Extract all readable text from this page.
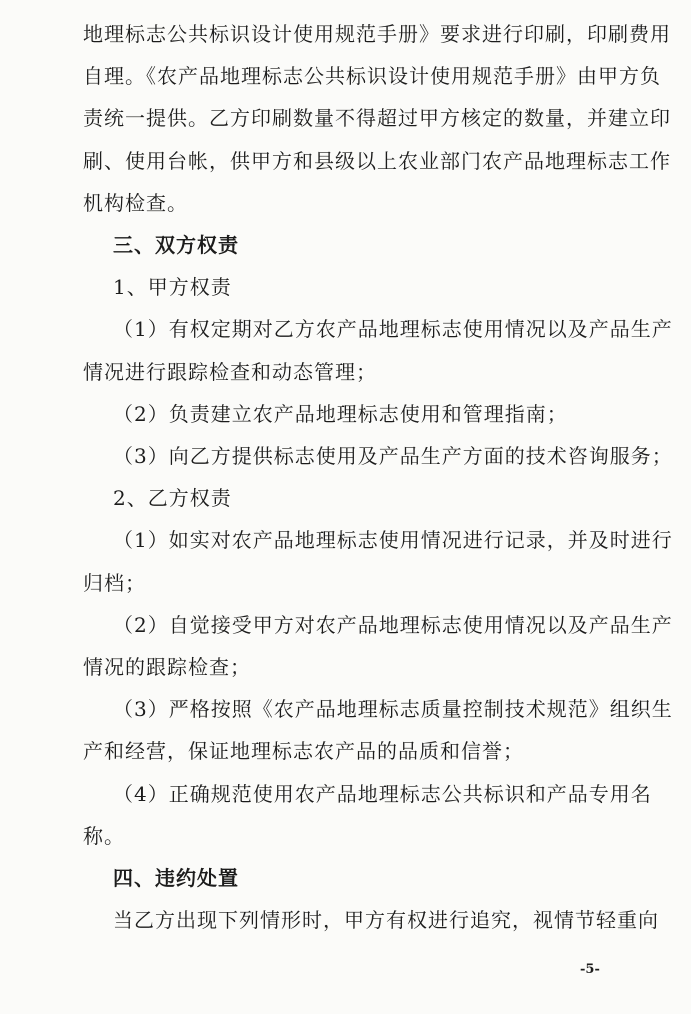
地理标志公共标识设计使用规范手册》要求进行印刷，印刷费用
自理。《农产品地理标志公共标识设计使用规范手册》由甲方负
责统一提供。乙方印刷数量不得超过甲方核定的数量，并建立印
刷、使用台帐，供甲方和县级以上农业部门农产品地理标志工作
机构检查。
三、双方权责
1、甲方权责
（1）有权定期对乙方农产品地理标志使用情况以及产品生产
情况进行跟踪检查和动态管理；
（2）负责建立农产品地理标志使用和管理指南；
（3）向乙方提供标志使用及产品生产方面的技术咨询服务；
2、乙方权责
（1）如实对农产品地理标志使用情况进行记录，并及时进行
归档；
（2）自觉接受甲方对农产品地理标志使用情况以及产品生产
情况的跟踪检查；
（3）严格按照《农产品地理标志质量控制技术规范》组织生
产和经营，保证地理标志农产品的品质和信誉；
（4）正确规范使用农产品地理标志公共标识和产品专用名
称。
四、违约处置
当乙方出现下列情形时，甲方有权进行追究，视情节轻重向
-5-
